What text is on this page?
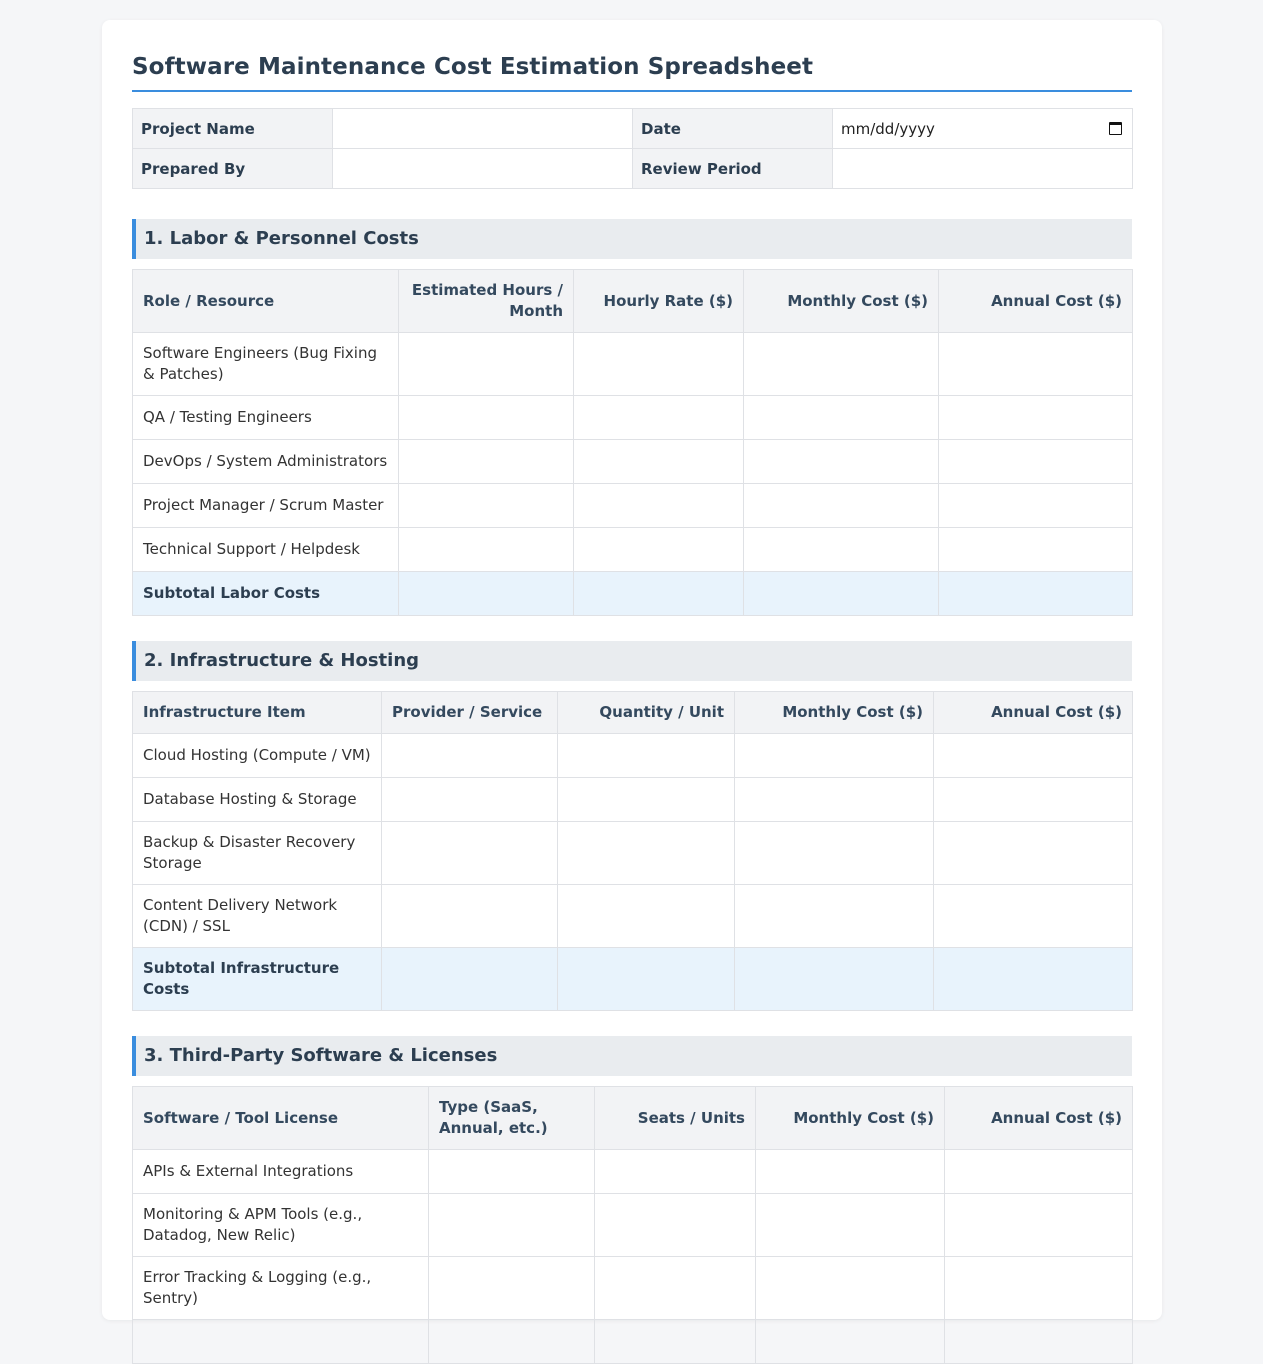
Software Maintenance Cost Estimation Spreadsheet
Project Name		Date	mm/dd/yyyy

Prepared By		Review Period	
1. Labor & Personnel Costs
Role / Resource	Estimated Hours / Month	Hourly Rate ($)	Monthly Cost ($)	Annual Cost ($)
Software Engineers (Bug Fixing & Patches)				
QA / Testing Engineers				
DevOps / System Administrators				
Project Manager / Scrum Master				
Technical Support / Helpdesk				
Subtotal Labor Costs				
2. Infrastructure & Hosting
Infrastructure Item	Provider / Service	Quantity / Unit	Monthly Cost ($)	Annual Cost ($)
Cloud Hosting (Compute / VM)				
Database Hosting & Storage				
Backup & Disaster Recovery Storage				
Content Delivery Network (CDN) / SSL				
Subtotal Infrastructure Costs				
3. Third-Party Software & Licenses
Software / Tool License	Type (SaaS, Annual, etc.)	Seats / Units	Monthly Cost ($)	Annual Cost ($)
APIs & External Integrations				
Monitoring & APM Tools (e.g., Datadog, New Relic)				
Error Tracking & Logging (e.g., Sentry)				
